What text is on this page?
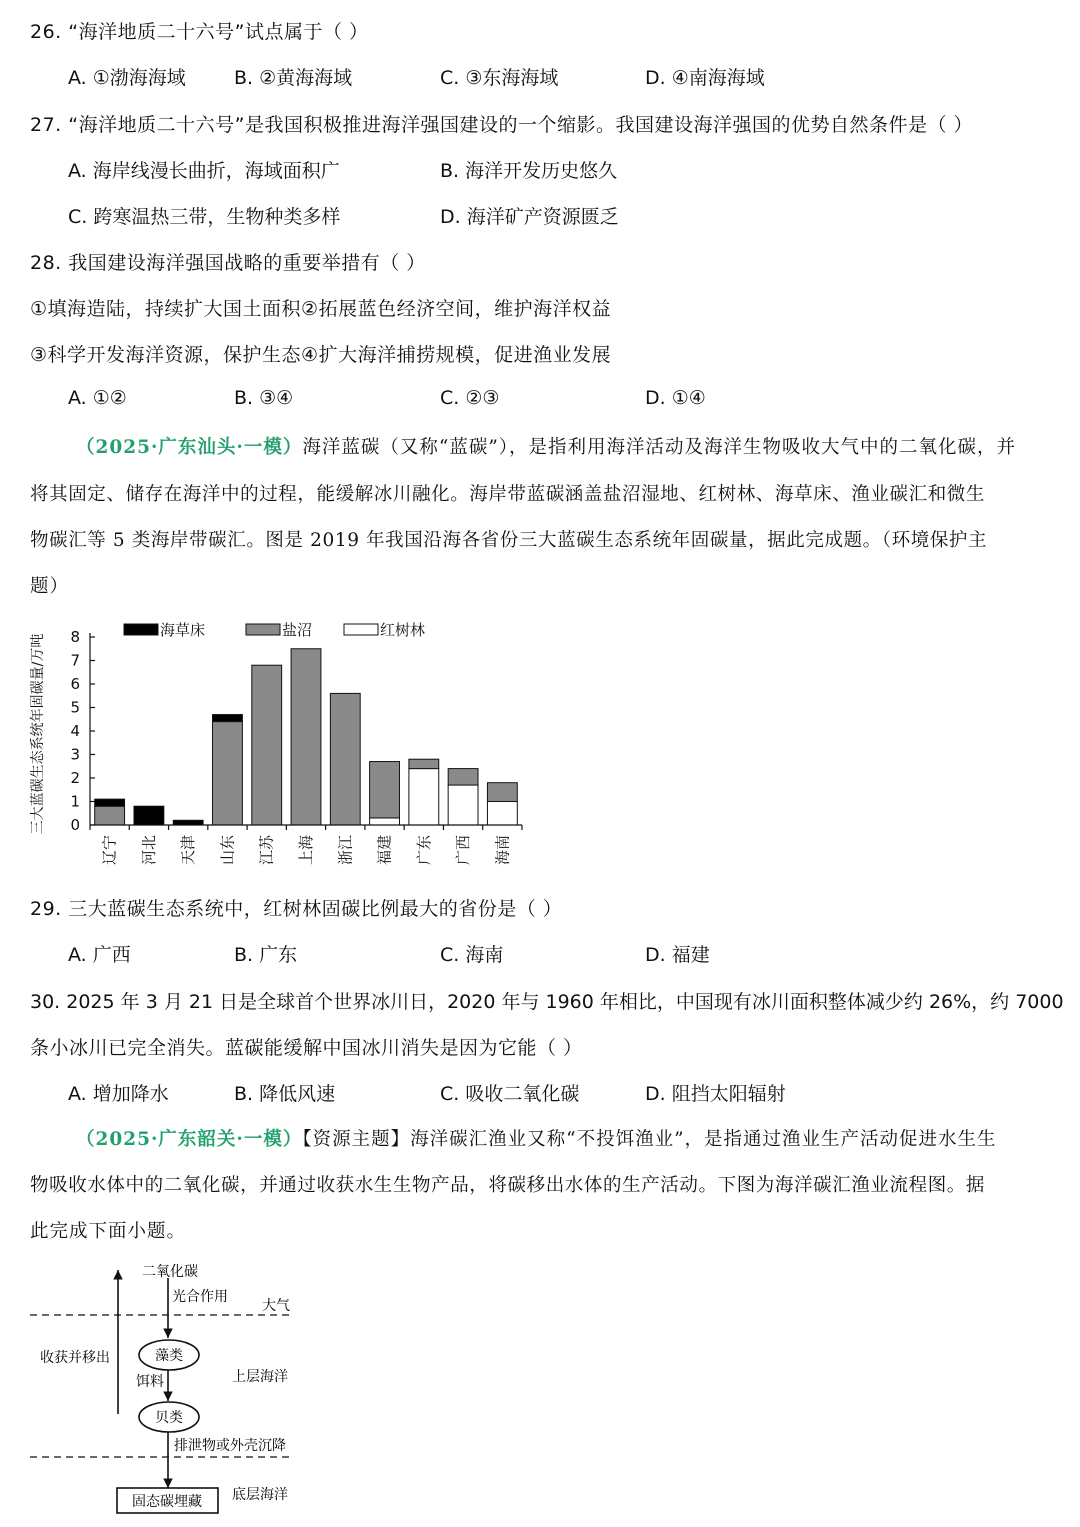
26. “海洋地质二十六号”试点属于（ ）
A. ①渤海海域	B. ②黄海海域	C. ③东海海域	D. ④南海海域
27. “海洋地质二十六号”是我国积极推进海洋强国建设的一个缩影。我国建设海洋强国的优势自然条件是（ ）
A. 海岸线漫长曲折，海域面积广	B. 海洋开发历史悠久
C. 跨寒温热三带，生物种类多样	D. 海洋矿产资源匮乏
28. 我国建设海洋强国战略的重要举措有（ ）
①填海造陆，持续扩大国土面积②拓展蓝色经济空间，维护海洋权益
③科学开发海洋资源，保护生态④扩大海洋捕捞规模，促进渔业发展
A. ①②	B. ③④	C. ②③	D. ①④
（2025·广东汕头·一模）海洋蓝碳（又称“蓝碳”），是指利用海洋活动及海洋生物吸收大气中的二氧化碳，并
将其固定、储存在海洋中的过程，能缓解冰川融化。海岸带蓝碳涵盖盐沼湿地、红树林、海草床、渔业碳汇和微生
物碳汇等 5 类海岸带碳汇。图是 2019 年我国沿海各省份三大蓝碳生态系统年固碳量，据此完成题。（环境保护主
题）
海草床	盐沼	红树林
三大蓝碳生态系统年固碳量/万吨 0
1
2
3
4
5
6
7
8
辽宁 河北 天津 山东 江苏 上海 浙江 福建 广东 广西 海南
29. 三大蓝碳生态系统中，红树林固碳比例最大的省份是（ ）
A. 广西	B. 广东	C. 海南	D. 福建
30. 2025 年 3 月 21 日是全球首个世界冰川日，2020 年与 1960 年相比，中国现有冰川面积整体减少约 26%，约 7000
条小冰川已完全消失。蓝碳能缓解中国冰川消失是因为它能（ ）
A. 增加降水	B. 降低风速	C. 吸收二氧化碳	D. 阻挡太阳辐射
（2025·广东韶关·一模）【资源主题】海洋碳汇渔业又称“不投饵渔业”，是指通过渔业生产活动促进水生生
物吸收水体中的二氧化碳，并通过收获水生生物产品，将碳移出水体的生产活动。下图为海洋碳汇渔业流程图。据
此完成下面小题。
二氧化碳
光合作用
大气
收获并移出	藻类
上层海洋
饵料
贝类
排泄物或外壳沉降
固态碳埋藏 底层海洋
